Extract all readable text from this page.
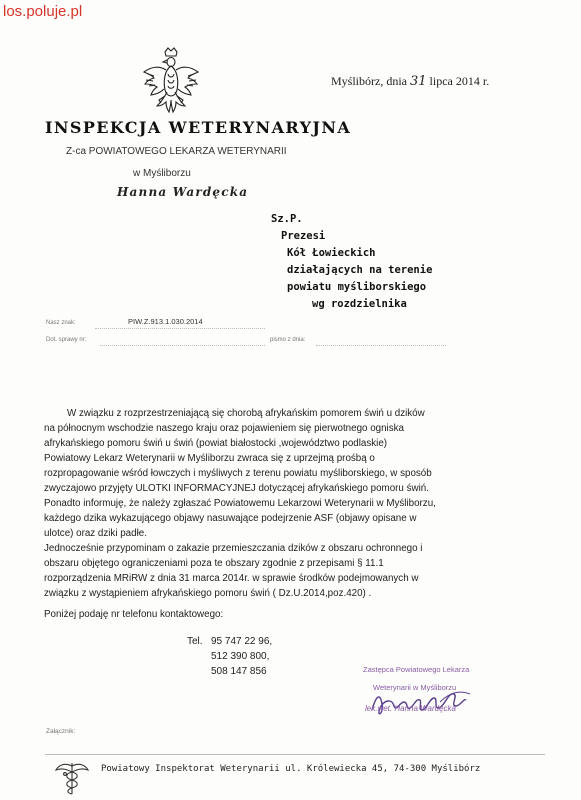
los.poluje.pl
Myślibórz, dnia 31 lipca 2014 r.
INSPEKCJA WETERYNARYJNA
Z-ca POWIATOWEGO LEKARZA WETERYNARII
w Myśliborzu
Hanna Wardęcka
Sz.P.
Prezesi
Kół Łowieckich
działających na terenie
powiatu myśliborskiego
wg rozdzielnika
Nasz znak:	PIW.Z.913.1.030.2014
Dot. sprawy nr:	pismo z dnia:
W związku z rozprzestrzeniającą się chorobą afrykańskim pomorem świń u dzików
na północnym wschodzie naszego kraju oraz pojawieniem się pierwotnego ogniska
afrykańskiego pomoru świń u świń (powiat białostocki ,województwo podlaskie)
Powiatowy Lekarz Weterynarii w Myśliborzu zwraca się z uprzejmą prośbą o
rozpropagowanie wśród łowczych i myśliwych z terenu powiatu myśliborskiego, w sposób
zwyczajowo przyjęty ULOTKI INFORMACYJNEJ dotyczącej afrykańskiego pomoru świń.
Ponadto informuję, że należy zgłaszać Powiatowemu Lekarzowi Weterynarii w Myśliborzu,
każdego dzika wykazującego objawy nasuwające podejrzenie ASF (objawy opisane w
ulotce) oraz dziki padłe.
Jednocześnie przypominam o zakazie przemieszczania dzików z obszaru ochronnego i
obszaru objętego ograniczeniami poza te obszary zgodnie z przepisami § 11.1
rozporządzenia MRiRW z dnia 31 marca 2014r. w sprawie środków podejmowanych w
związku z wystąpieniem afrykańskiego pomoru świń ( Dz.U.2014,poz.420) .
Poniżej podaję nr telefonu kontaktowego:
Tel. 95 747 22 96,
512 390 800,
508 147 856	Zastępca Powiatowego Lekarza
Weterynarii w Myśliborzu
lek.wet. Hanna Wardęcka
Załącznik:
Powiatowy Inspektorat Weterynarii ul. Królewiecka 45, 74-300 Myślibórz
